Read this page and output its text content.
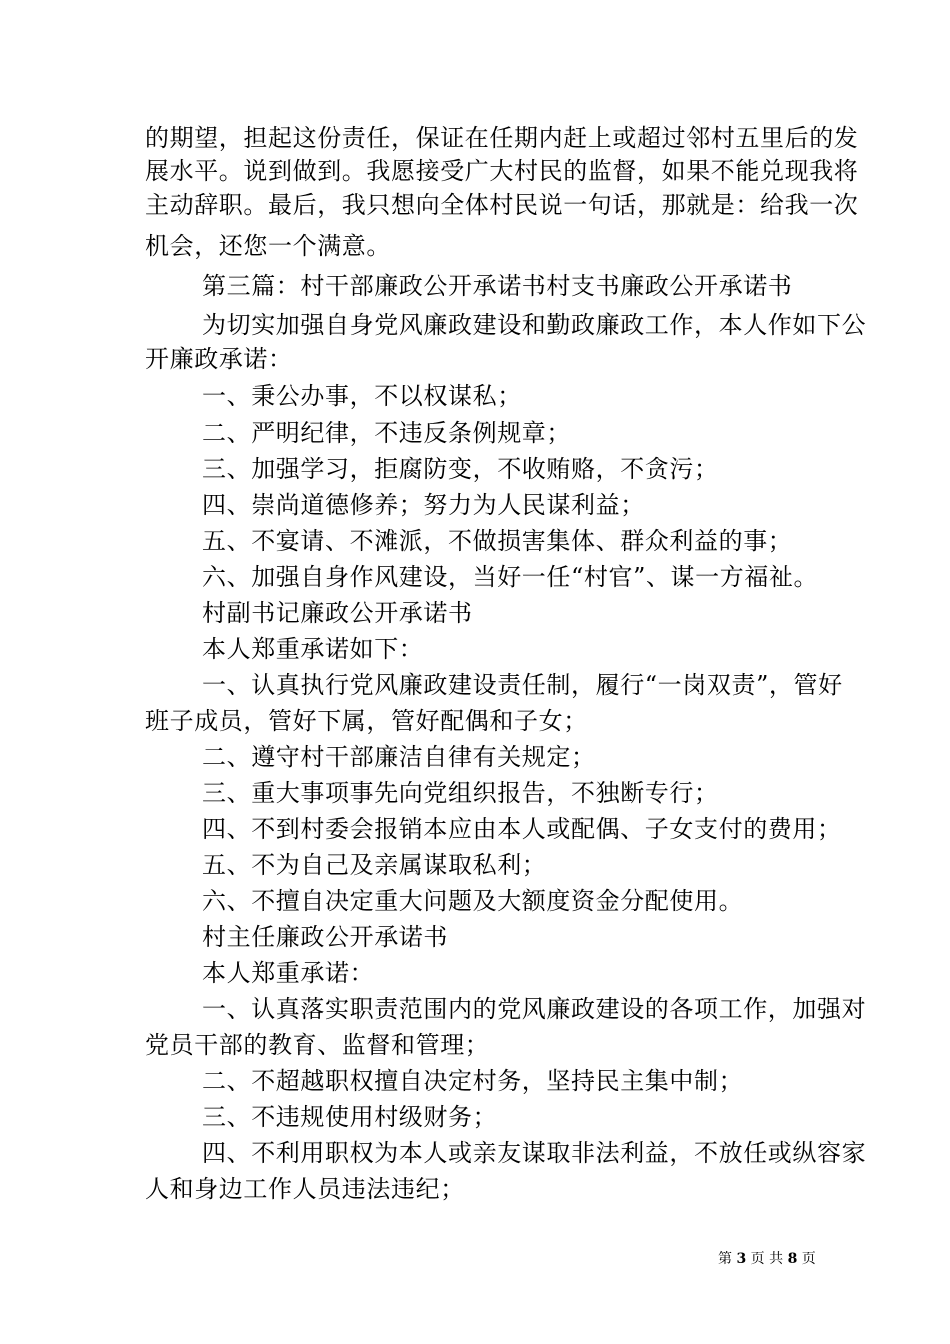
的期望，担起这份责任，保证在任期内赶上或超过邻村五里后的发
展水平。说到做到。我愿接受广大村民的监督，如果不能兑现我将
主动辞职。最后，我只想向全体村民说一句话，那就是：给我一次
机会，还您一个满意。
第三篇：村干部廉政公开承诺书村支书廉政公开承诺书
为切实加强自身党风廉政建设和勤政廉政工作，本人作如下公
开廉政承诺：
一、秉公办事，不以权谋私；
二、严明纪律，不违反条例规章；
三、加强学习，拒腐防变，不收贿赂，不贪污；
四、崇尚道德修养；努力为人民谋利益；
五、不宴请、不滩派，不做损害集体、群众利益的事；
六、加强自身作风建设，当好一任“村官”、谋一方福祉。
村副书记廉政公开承诺书
本人郑重承诺如下：
一、认真执行党风廉政建设责任制，履行“一岗双责”，管好
班子成员，管好下属，管好配偶和子女；
二、遵守村干部廉洁自律有关规定；
三、重大事项事先向党组织报告，不独断专行；
四、不到村委会报销本应由本人或配偶、子女支付的费用；
五、不为自己及亲属谋取私利；
六、不擅自决定重大问题及大额度资金分配使用。
村主任廉政公开承诺书
本人郑重承诺：
一、认真落实职责范围内的党风廉政建设的各项工作，加强对
党员干部的教育、监督和管理；
二、不超越职权擅自决定村务，坚持民主集中制；
三、不违规使用村级财务；
四、不利用职权为本人或亲友谋取非法利益，不放任或纵容家
人和身边工作人员违法违纪；
第 3 页 共 8 页
